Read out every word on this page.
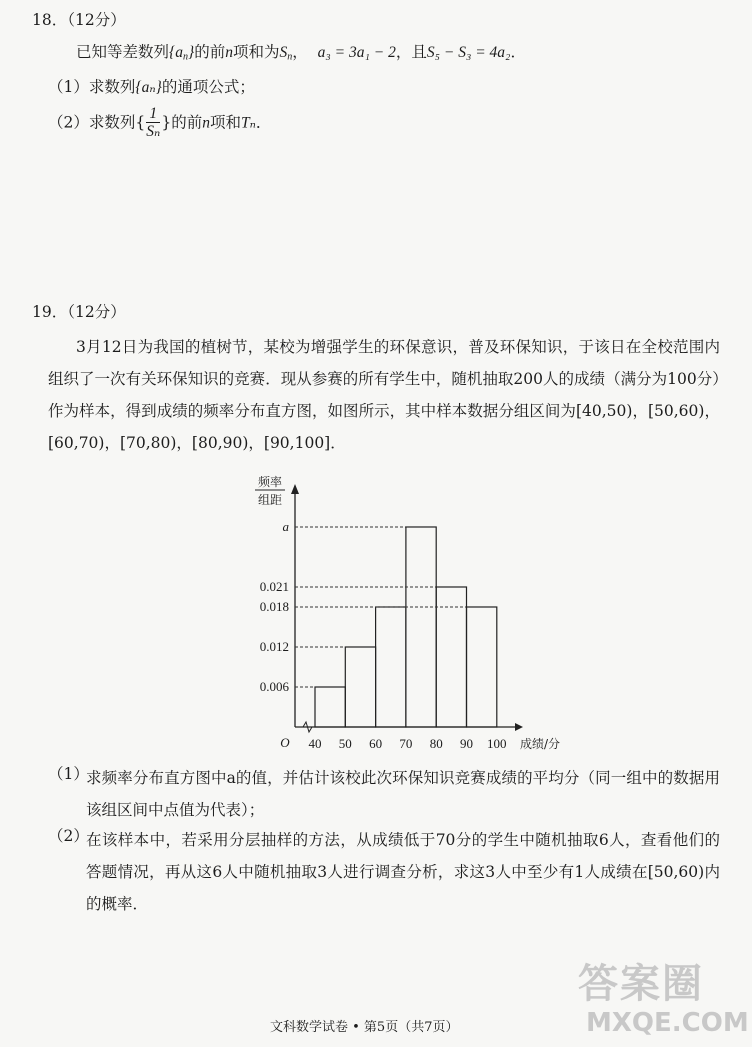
18．（12分）
已知等差数列$\{a_n\}$的前n项和为$S_n$，  a₃ = 3a₁ − 2，且S₅ − S₃ = 4a₂．
（1）求数列{aₙ}的通项公式；
（2）求数列{ $\frac{1}{\text{Sₙ}}$ }的前n项和Tₙ．
19．（12分）
3月12日为我国的植树节，某校为增强学生的环保意识，普及环保知识，于该日在全校范围内组织了一次有关环保知识的竞赛．现从参赛的所有学生中，随机抽取200人的成绩（满分为100分）作为样本，得到成绩的频率分布直方图，如图所示，其中样本数据分组区间为[40,50)，[50,60)，[60,70)，[70,80)，[80,90)，[90,100]．
0.006
0.012
0.018
0.021
a
40 50 60 70 80 90 100
O	成绩/分
频率
组距
（1）
求频率分布直方图中a的值，并估计该校此次环保知识竞赛成绩的平均分（同一组中的数据用该组区间中点值为代表）；
（2）
在该样本中，若采用分层抽样的方法，从成绩低于70分的学生中随机抽取6人，查看他们的答题情况，再从这6人中随机抽取3人进行调查分析，求这3人中至少有1人成绩在[50,60)内的概率．
文科数学试卷 • 第5页（共7页）
答案圈
MXQE.COM
